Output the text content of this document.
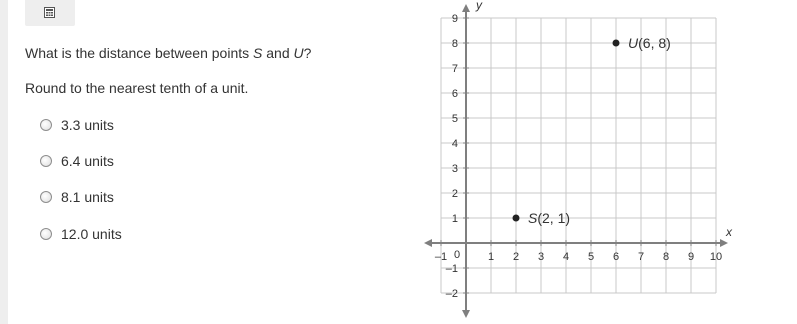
What is the distance between points S and U?
Round to the nearest tenth of a unit.
3.3 units
6.4 units
8.1 units
12.0 units	x
y
–1	1 2 3 4 5 6 7 8 9 10
0
9
8
7
6
5
4
3
2
1
–1
–2
S(2, 1)
U(6, 8)
